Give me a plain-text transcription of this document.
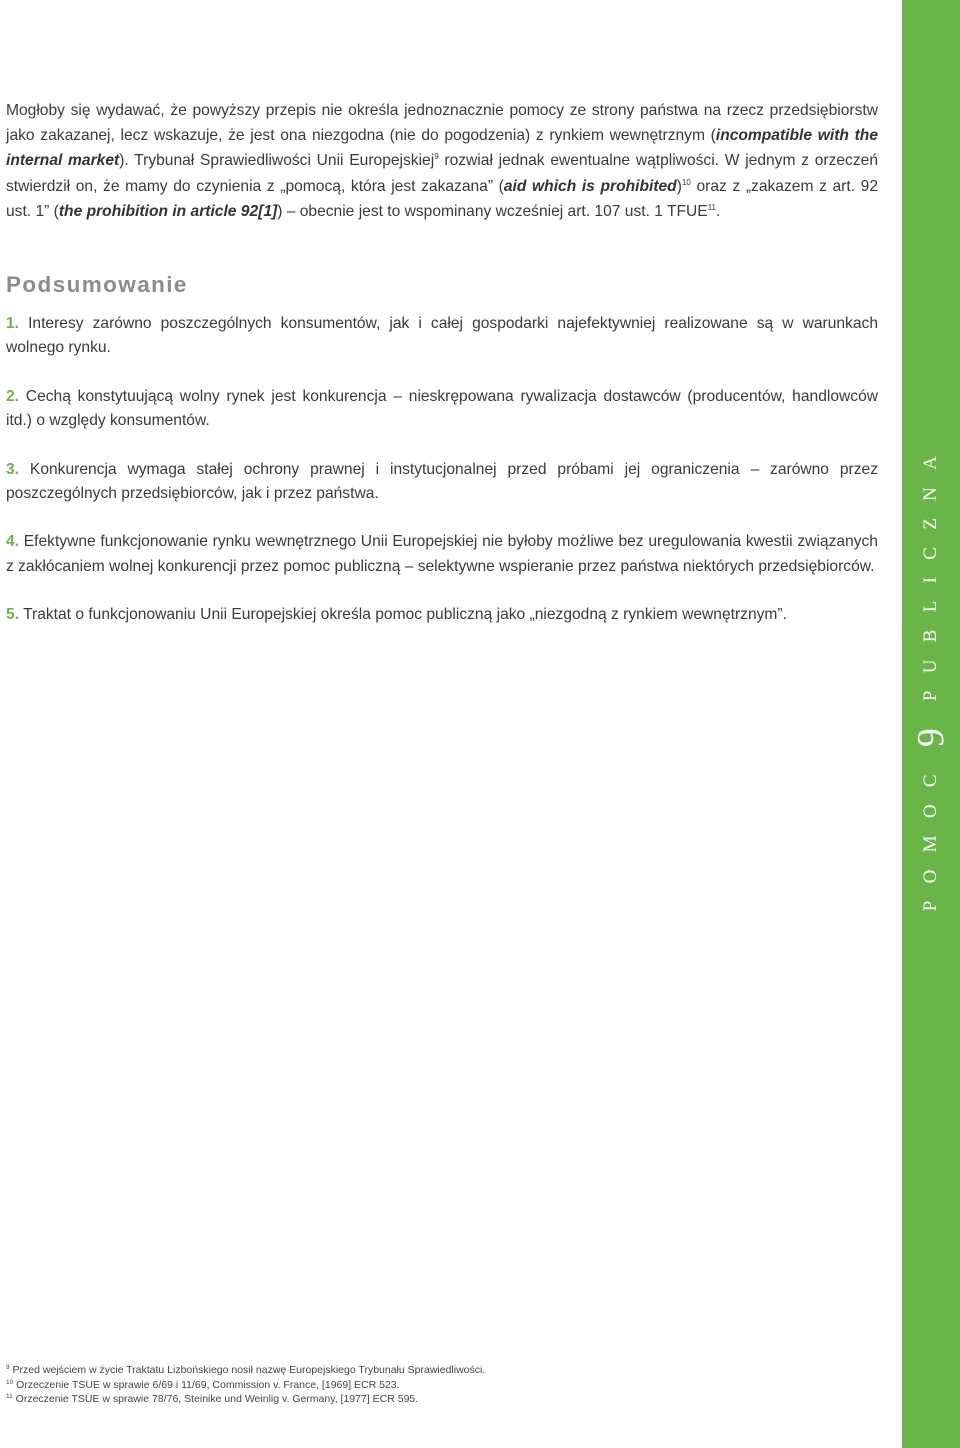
Mogłoby się wydawać, że powyższy przepis nie określa jednoznacznie pomocy ze strony państwa na rzecz przedsiębiorstw jako zakazanej, lecz wskazuje, że jest ona niezgodna (nie do pogodzenia) z rynkiem wewnętrznym (incompatible with the internal market). Trybunał Sprawiedliwości Unii Europejskiej$^9$ rozwiał jednak ewentualne wątpliwości. W jednym z orzeczeń stwierdził on, że mamy do czynienia z „pomocą, która jest zakazana” (aid which is prohibited)$^{10}$ oraz z „zakazem z art. 92 ust. 1” (the prohibition in article 92[1]) – obecnie jest to wspominany wcześniej art. 107 ust. 1 TFUE$^{11}$.

Podsumowanie

1. Interesy zarówno poszczególnych konsumentów, jak i całej gospodarki najefektywniej realizowane są w warunkach wolnego rynku.

2. Cechą konstytuującą wolny rynek jest konkurencja – nieskrępowana rywalizacja dostawców (producentów, handlowców itd.) o względy konsumentów.

3. Konkurencja wymaga stałej ochrony prawnej i instytucjonalnej przed próbami jej ograniczenia – zarówno przez poszczególnych przedsiębiorców, jak i przez państwa.

4. Efektywne funkcjonowanie rynku wewnętrznego Unii Europejskiej nie byłoby możliwe bez uregulowania kwestii związanych z zakłócaniem wolnej konkurencji przez pomoc publiczną – selektywne wspieranie przez państwa niektórych przedsiębiorców.

5. Traktat o funkcjonowaniu Unii Europejskiej określa pomoc publiczną jako „niezgodną z rynkiem wewnętrznym”.

$^9$ Przed wejściem w życie Traktatu Lizbońskiego nosił nazwę Europejskiego Trybunału Sprawiedliwości.
$^{10}$ Orzeczenie TSUE w sprawie 6/69 i 11/69, Commission v. France, [1969] ECR 523.
$^{11}$ Orzeczenie TSUE w sprawie 78/76, Steinike und Weinlig v. Germany, [1977] ECR 595.
POMOC
9
PUBLICZNA
